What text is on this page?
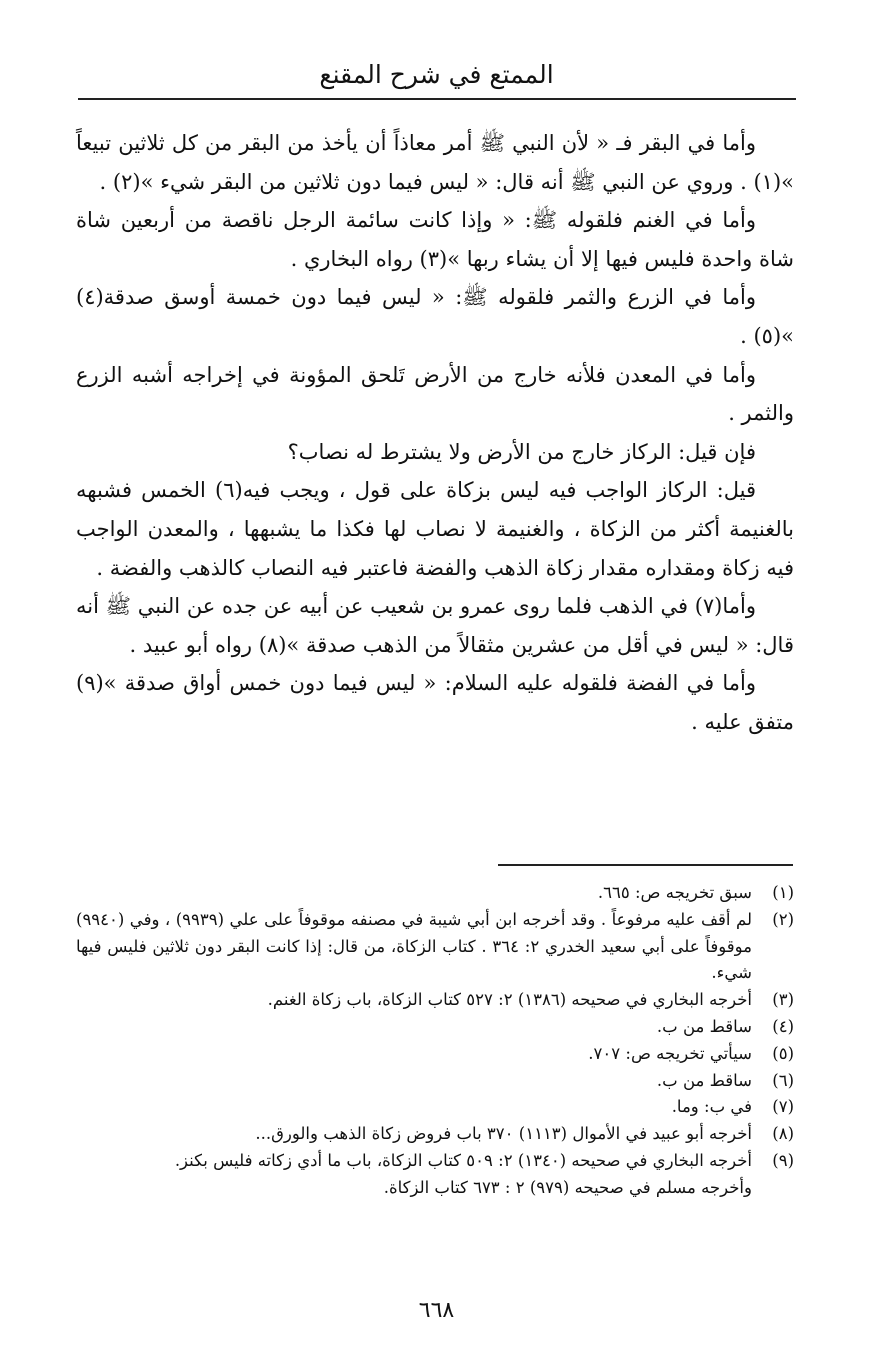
الممتع في شرح المقنع

وأما في البقر فـ « لأن النبي ﷺ أمر معاذاً أن يأخذ من البقر من كل ثلاثين تبيعاً »(١) . وروي عن النبي ﷺ أنه قال: « ليس فيما دون ثلاثين من البقر شيء »(٢) .

وأما في الغنم فلقوله ﷺ: « وإذا كانت سائمة الرجل ناقصة من أربعين شاة شاة واحدة فليس فيها إلا أن يشاء ربها »(٣) رواه البخاري .

وأما في الزرع والثمر فلقوله ﷺ: « ليس فيما دون خمسة أوسق صدقة(٤) »(٥) .

وأما في المعدن فلأنه خارج من الأرض تَلحق المؤونة في إخراجه أشبه الزرع والثمر .

فإن قيل: الركاز خارج من الأرض ولا يشترط له نصاب؟

قيل: الركاز الواجب فيه ليس بزكاة على قول ، ويجب فيه(٦) الخمس فشبهه بالغنيمة أكثر من الزكاة ، والغنيمة لا نصاب لها فكذا ما يشبهها ، والمعدن الواجب فيه زكاة ومقداره مقدار زكاة الذهب والفضة فاعتبر فيه النصاب كالذهب والفضة .

وأما(٧) في الذهب فلما روى عمرو بن شعيب عن أبيه عن جده عن النبي ﷺ أنه قال: « ليس في أقل من عشرين مثقالاً من الذهب صدقة »(٨) رواه أبو عبيد .

وأما في الفضة فلقوله عليه السلام: « ليس فيما دون خمس أواق صدقة »(٩) متفق عليه .

(١)
سبق تخريجه ص: ٦٦٥.
(٢)
لم أقف عليه مرفوعاً . وقد أخرجه ابن أبي شيبة في مصنفه موقوفاً على علي (٩٩٣٩) ، وفي (٩٩٤٠) موقوفاً على أبي سعيد الخدري ٢: ٣٦٤ . كتاب الزكاة، من قال: إذا كانت البقر دون ثلاثين فليس فيها شيء.
(٣)
أخرجه البخاري في صحيحه (١٣٨٦) ٢: ٥٢٧ كتاب الزكاة، باب زكاة الغنم.
(٤)
ساقط من ب.
(٥)
سيأتي تخريجه ص: ٧٠٧.
(٦)
ساقط من ب.
(٧)
في ب: وما.
(٨)
أخرجه أبو عبيد في الأموال (١١١٣) ٣٧٠ باب فروض زكاة الذهب والورق...
(٩)
أخرجه البخاري في صحيحه (١٣٤٠) ٢: ٥٠٩ كتاب الزكاة، باب ما أدي زكاته فليس بكنز.
وأخرجه مسلم في صحيحه (٩٧٩) ٢ : ٦٧٣ كتاب الزكاة.
٦٦٨
